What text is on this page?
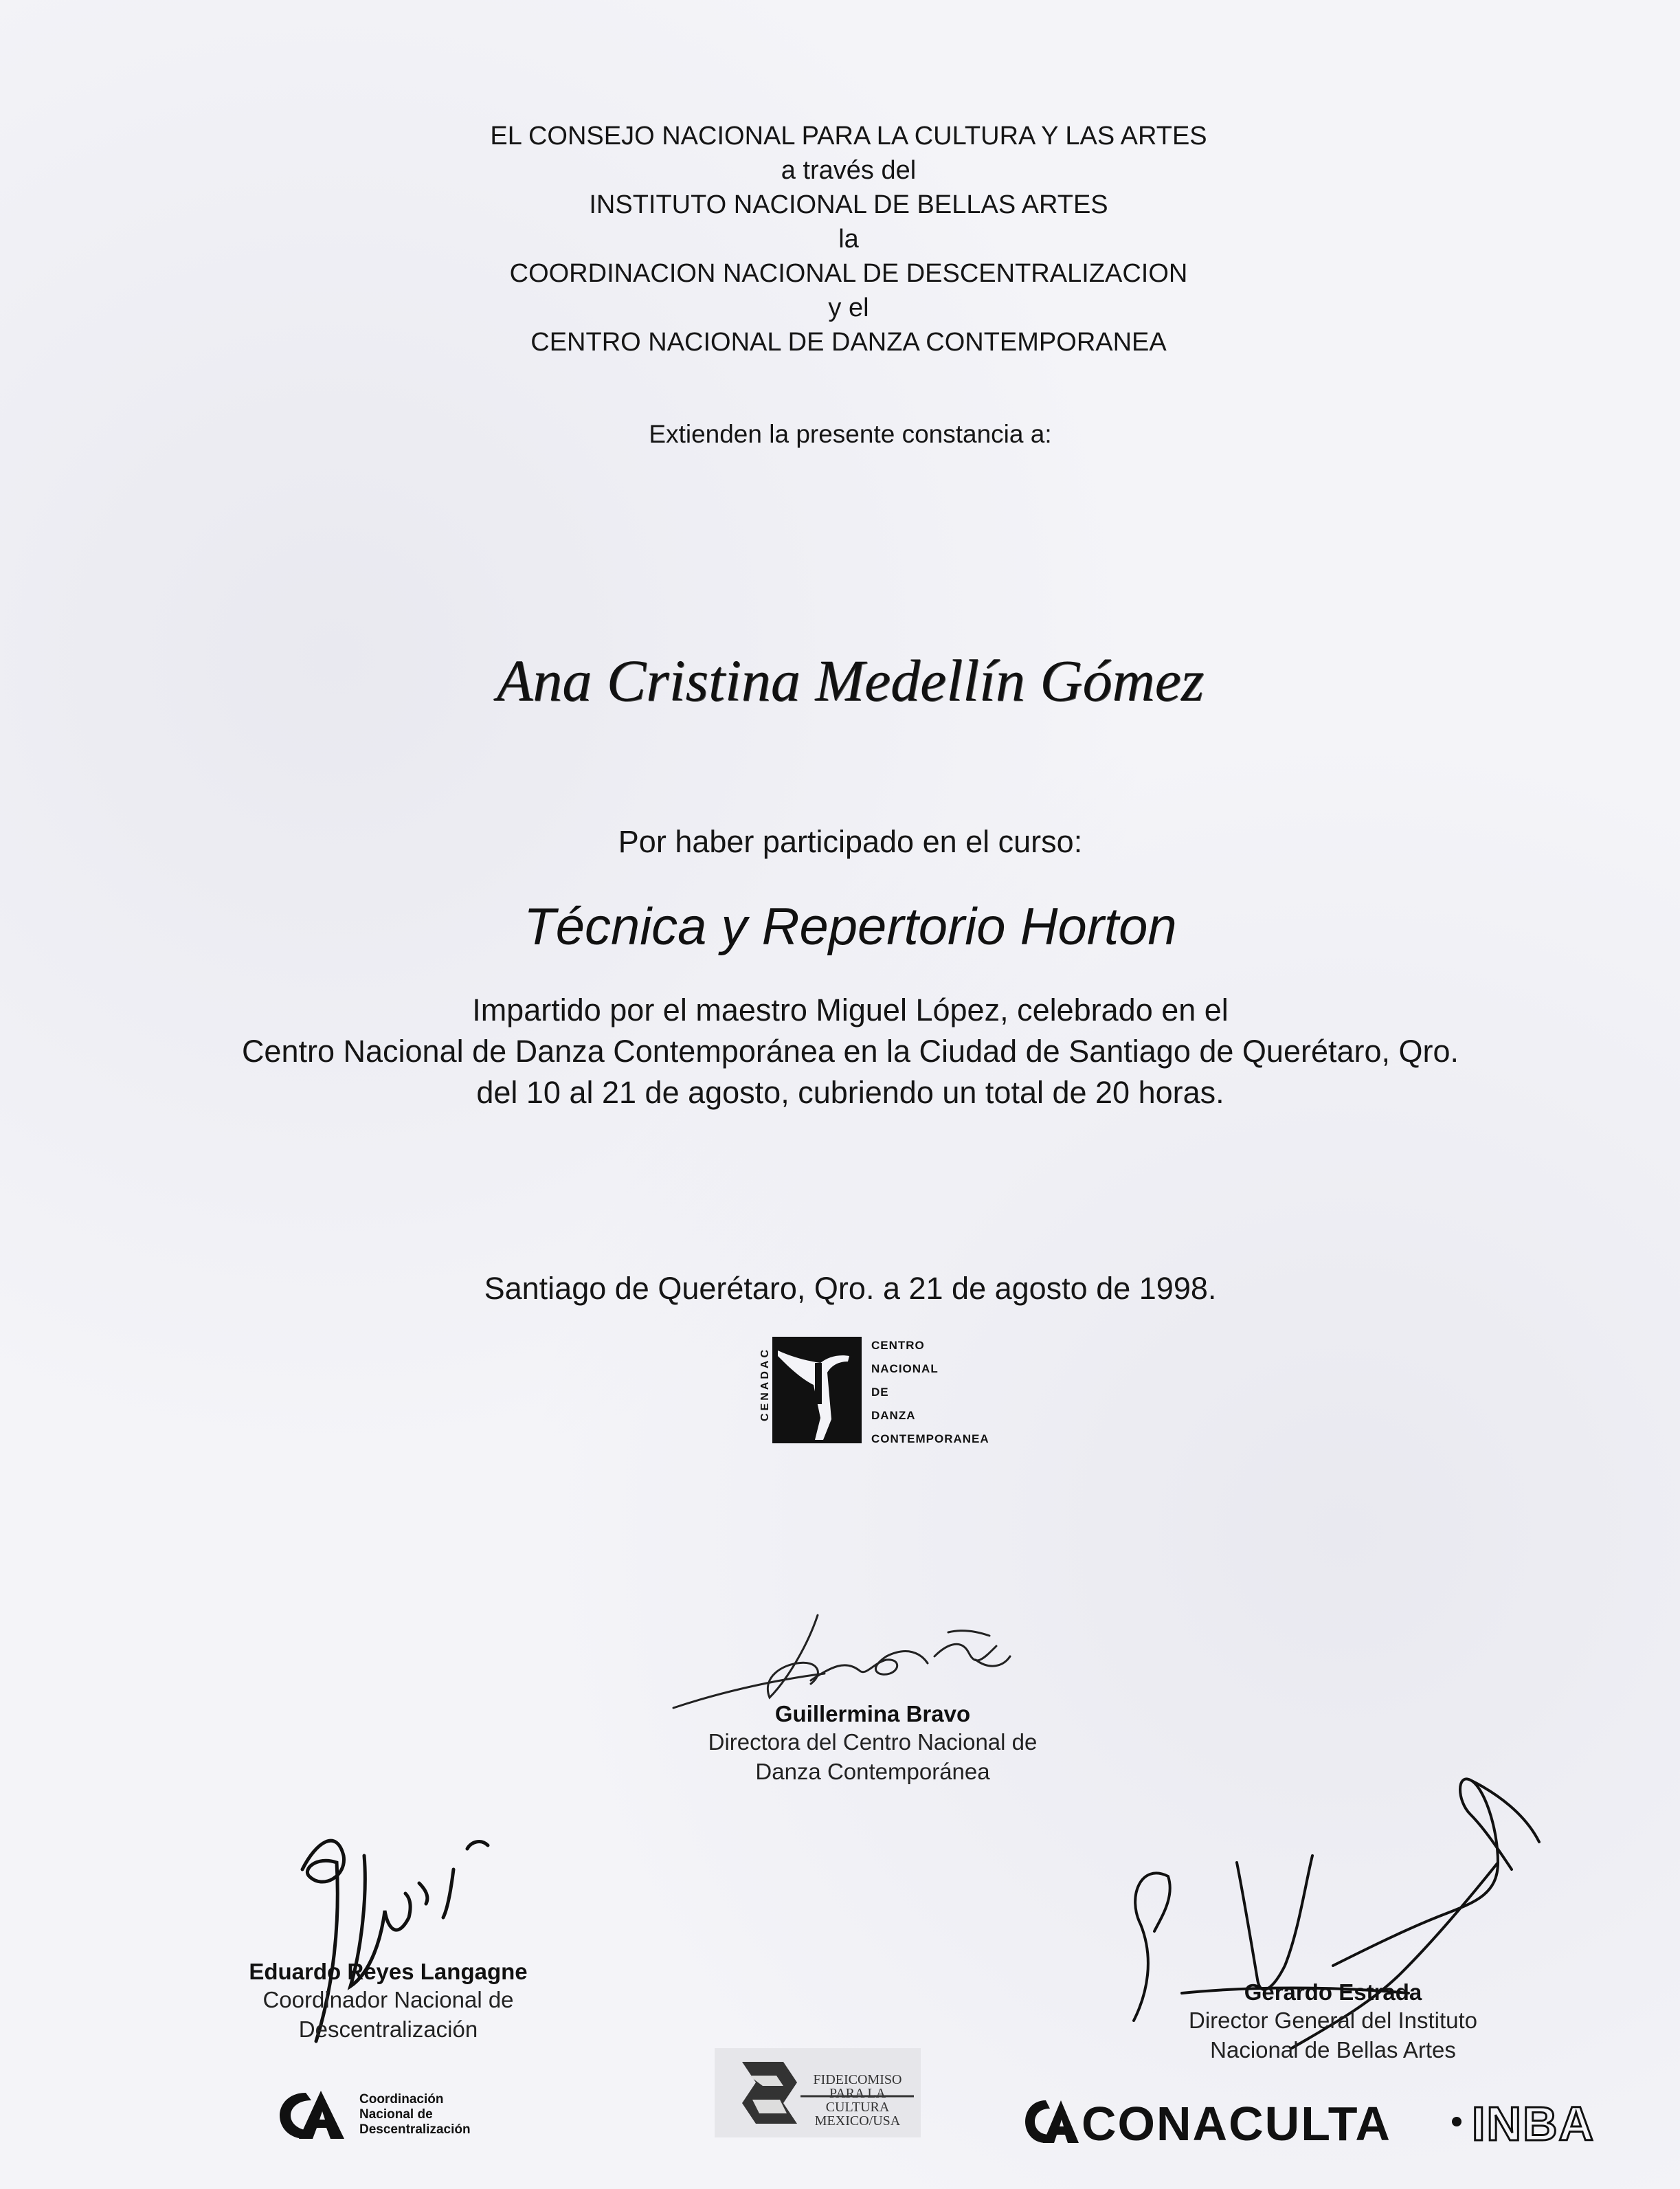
EL CONSEJO NACIONAL PARA LA CULTURA Y LAS ARTES
a través del
INSTITUTO NACIONAL DE BELLAS ARTES
la
COORDINACION NACIONAL DE DESCENTRALIZACION
y el
CENTRO NACIONAL DE DANZA CONTEMPORANEA
Extienden la presente constancia a:
Ana Cristina Medellín Gómez
Por haber participado en el curso:
Técnica y Repertorio Horton
Impartido por el maestro Miguel López, celebrado en el
Centro Nacional de Danza Contemporánea en la Ciudad de Santiago de Querétaro, Qro.
del 10 al 21 de agosto, cubriendo un total de 20 horas.
Santiago de Querétaro, Qro. a 21 de agosto de 1998.
CENADAC
CENTRO
NACIONAL
DE
DANZA
CONTEMPORANEA
Guillermina Bravo
Directora del Centro Nacional de
Danza Contemporánea
Eduardo Reyes Langagne
Coordinador Nacional de
Descentralización
Gerardo Estrada
Director General del Instituto
Nacional de Bellas Artes
Coordinación
Nacional de
Descentralización
FIDEICOMISO PARA LA CULTURA MEXICO/USA	CONACULTA INBA
